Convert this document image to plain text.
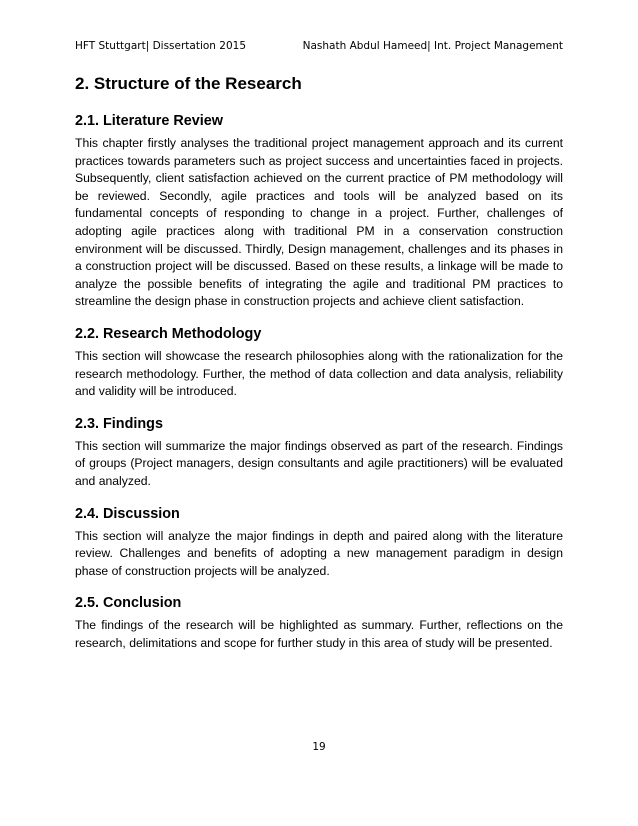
HFT Stuttgart| Dissertation 2015	Nashath Abdul Hameed| Int. Project Management
2. Structure of the Research
2.1. Literature Review

This chapter firstly analyses the traditional project management approach and its current practices towards parameters such as project success and uncertainties faced in projects. Subsequently, client satisfaction achieved on the current practice of PM methodology will be reviewed. Secondly, agile practices and tools will be analyzed based on its fundamental concepts of responding to change in a project. Further, challenges of adopting agile practices along with traditional PM in a conservation construction environment will be discussed. Thirdly, Design management, challenges and its phases in a construction project will be discussed. Based on these results, a linkage will be made to analyze the possible benefits of integrating the agile and traditional PM practices to streamline the design phase in construction projects and achieve client satisfaction.

2.2. Research Methodology

This section will showcase the research philosophies along with the rationalization for the research methodology. Further, the method of data collection and data analysis, reliability and validity will be introduced.

2.3. Findings

This section will summarize the major findings observed as part of the research. Findings of groups (Project managers, design consultants and agile practitioners) will be evaluated and analyzed.

2.4. Discussion

This section will analyze the major findings in depth and paired along with the literature review. Challenges and benefits of adopting a new management paradigm in design phase of construction projects will be analyzed.

2.5. Conclusion

The findings of the research will be highlighted as summary. Further, reflections on the research, delimitations and scope for further study in this area of study will be presented.

19
